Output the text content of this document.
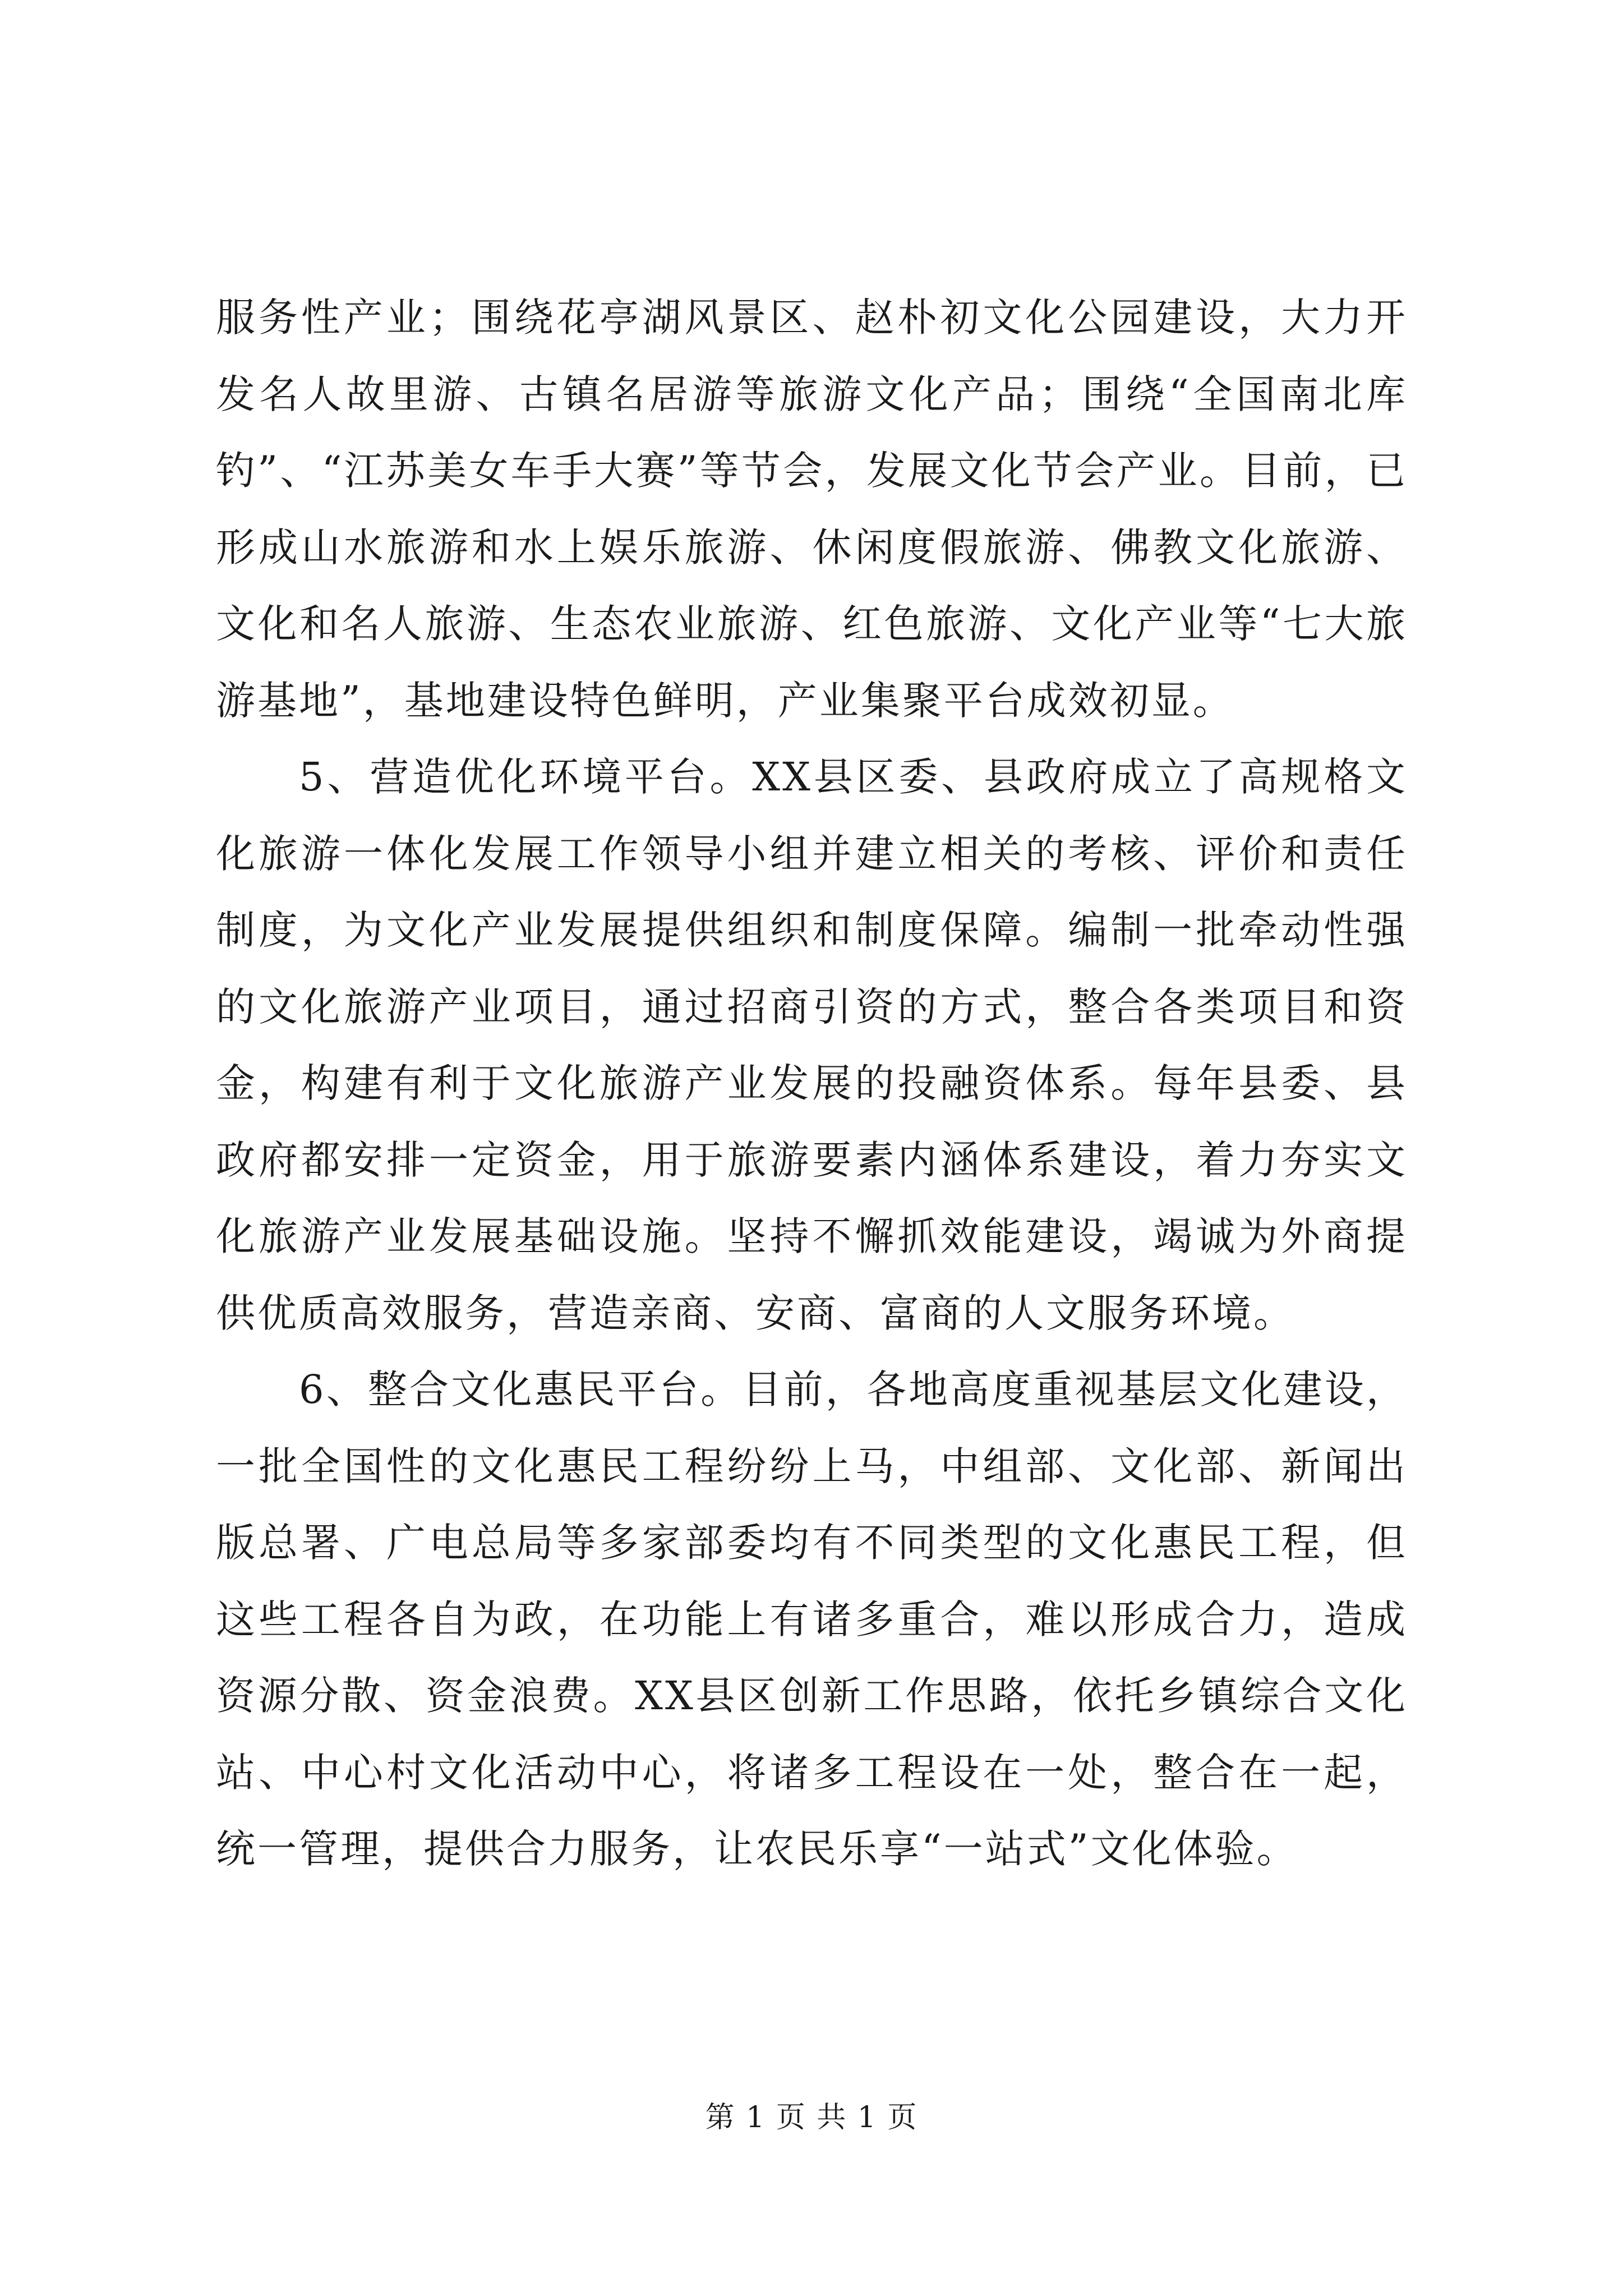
服务性产业；围绕花亭湖风景区、赵朴初文化公园建设，大力开发名人故里游、古镇名居游等旅游文化产品；围绕“全国南北库钓”、“江苏美女车手大赛”等节会，发展文化节会产业。目前，已形成山水旅游和水上娱乐旅游、休闲度假旅游、佛教文化旅游、文化和名人旅游、生态农业旅游、红色旅游、文化产业等“七大旅游基地”，基地建设特色鲜明，产业集聚平台成效初显。

5、营造优化环境平台。XX县区委、县政府成立了高规格文化旅游一体化发展工作领导小组并建立相关的考核、评价和责任制度，为文化产业发展提供组织和制度保障。编制一批牵动性强的文化旅游产业项目，通过招商引资的方式，整合各类项目和资金，构建有利于文化旅游产业发展的投融资体系。每年县委、县政府都安排一定资金，用于旅游要素内涵体系建设，着力夯实文化旅游产业发展基础设施。坚持不懈抓效能建设，竭诚为外商提供优质高效服务，营造亲商、安商、富商的人文服务环境。

6、整合文化惠民平台。目前，各地高度重视基层文化建设，一批全国性的文化惠民工程纷纷上马，中组部、文化部、新闻出版总署、广电总局等多家部委均有不同类型的文化惠民工程，但这些工程各自为政，在功能上有诸多重合，难以形成合力，造成资源分散、资金浪费。XX县区创新工作思路，依托乡镇综合文化站、中心村文化活动中心，将诸多工程设在一处，整合在一起，统一管理，提供合力服务，让农民乐享“一站式”文化体验。

第 1 页 共 1 页
